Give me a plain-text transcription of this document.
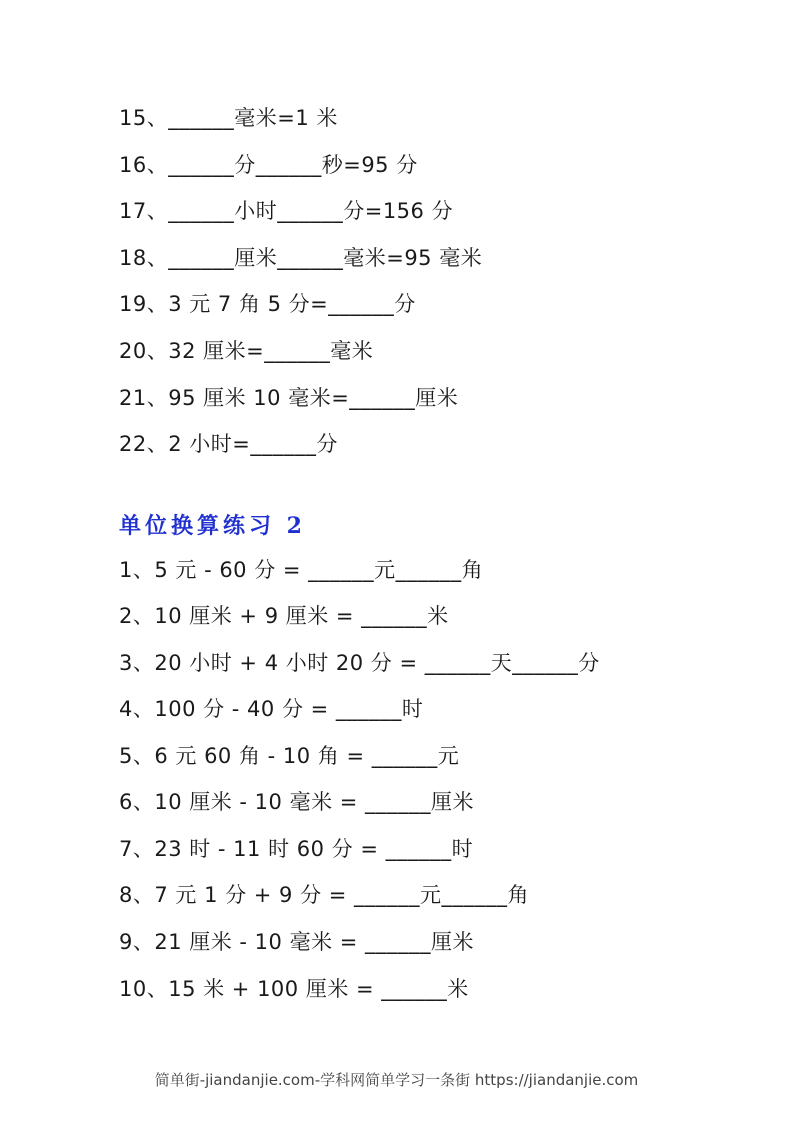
15、______毫米=1 米
16、______分______秒=95 分
17、______小时______分=156 分
18、______厘米______毫米=95 毫米
19、3 元 7 角 5 分=______分
20、32 厘米=______毫米
21、95 厘米 10 毫米=______厘米
22、2 小时=______分
单位换算练习 2
1、5 元 - 60 分 = ______元______角
2、10 厘米 + 9 厘米 = ______米
3、20 小时 + 4 小时 20 分 = ______天______分
4、100 分 - 40 分 = ______时
5、6 元 60 角 - 10 角 = ______元
6、10 厘米 - 10 毫米 = ______厘米
7、23 时 - 11 时 60 分 = ______时
8、7 元 1 分 + 9 分 = ______元______角
9、21 厘米 - 10 毫米 = ______厘米
10、15 米 + 100 厘米 = ______米
简单街-jiandanjie.com-学科网简单学习一条街 https://jiandanjie.com
